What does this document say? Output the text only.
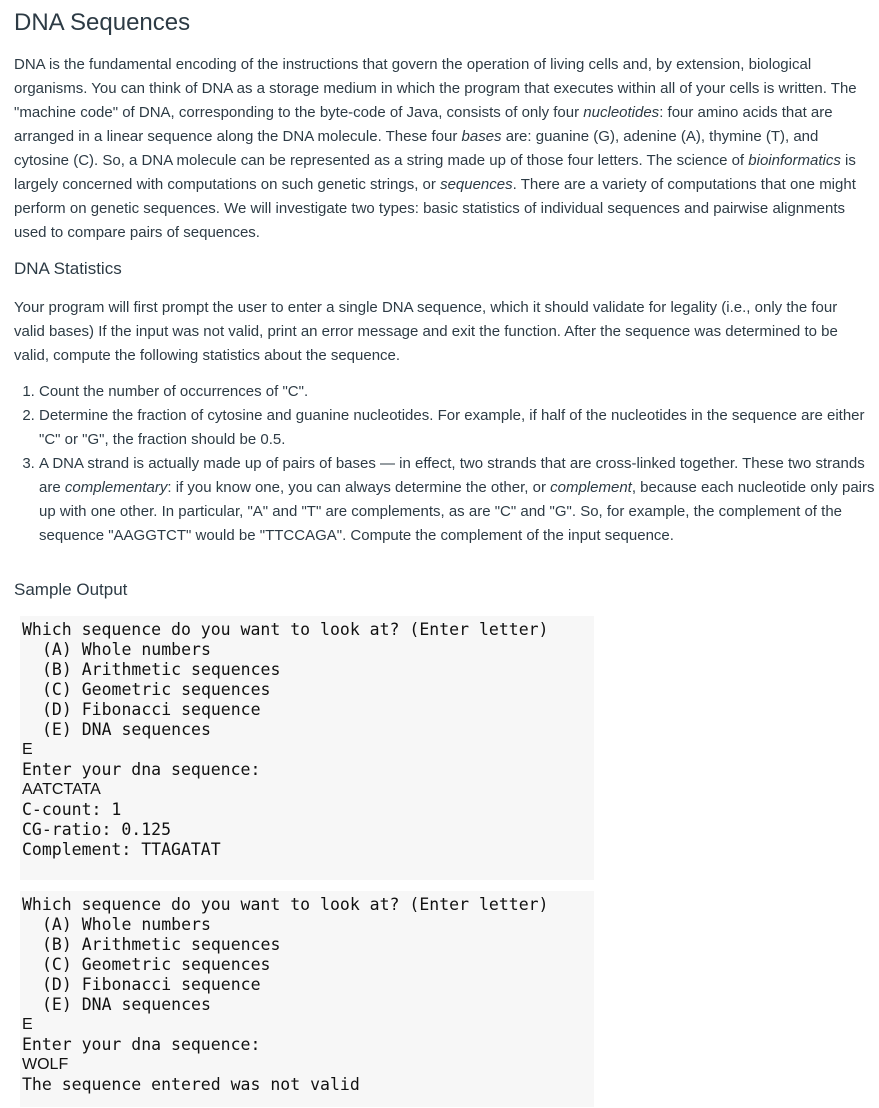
DNA Sequences

DNA is the fundamental encoding of the instructions that govern the operation of living cells and, by extension, biological organisms. You can think of DNA as a storage medium in which the program that executes within all of your cells is written. The "machine code" of DNA, corresponding to the byte-code of Java, consists of only four nucleotides: four amino acids that are arranged in a linear sequence along the DNA molecule. These four bases are: guanine (G), adenine (A), thymine (T), and cytosine (C). So, a DNA molecule can be represented as a string made up of those four letters. The science of bioinformatics is largely concerned with computations on such genetic strings, or sequences. There are a variety of computations that one might perform on genetic sequences. We will investigate two types: basic statistics of individual sequences and pairwise alignments used to compare pairs of sequences.

DNA Statistics

Your program will first prompt the user to enter a single DNA sequence, which it should validate for legality (i.e., only the four valid bases) If the input was not valid, print an error message and exit the function. After the sequence was determined to be valid, compute the following statistics about the sequence.

1. Count the number of occurrences of "C".
2. Determine the fraction of cytosine and guanine nucleotides. For example, if half of the nucleotides in the sequence are either "C" or "G", the fraction should be 0.5.
3. A DNA strand is actually made up of pairs of bases — in effect, two strands that are cross-linked together. These two strands are complementary: if you know one, you can always determine the other, or complement, because each nucleotide only pairs up with one other. In particular, "A" and "T" are complements, as are "C" and "G". So, for example, the complement of the sequence "AAGGTCT" would be "TTCCAGA". Compute the complement of the input sequence.
Sample Output
Which sequence do you want to look at? (Enter letter)
(A) Whole numbers
(B) Arithmetic sequences
(C) Geometric sequences
(D) Fibonacci sequence
(E) DNA sequences
E
Enter your dna sequence:
AATCTATA
C-count: 1
CG-ratio: 0.125
Complement: TTAGATAT
Which sequence do you want to look at? (Enter letter)
(A) Whole numbers
(B) Arithmetic sequences
(C) Geometric sequences
(D) Fibonacci sequence
(E) DNA sequences
E
Enter your dna sequence:
WOLF
The sequence entered was not valid
